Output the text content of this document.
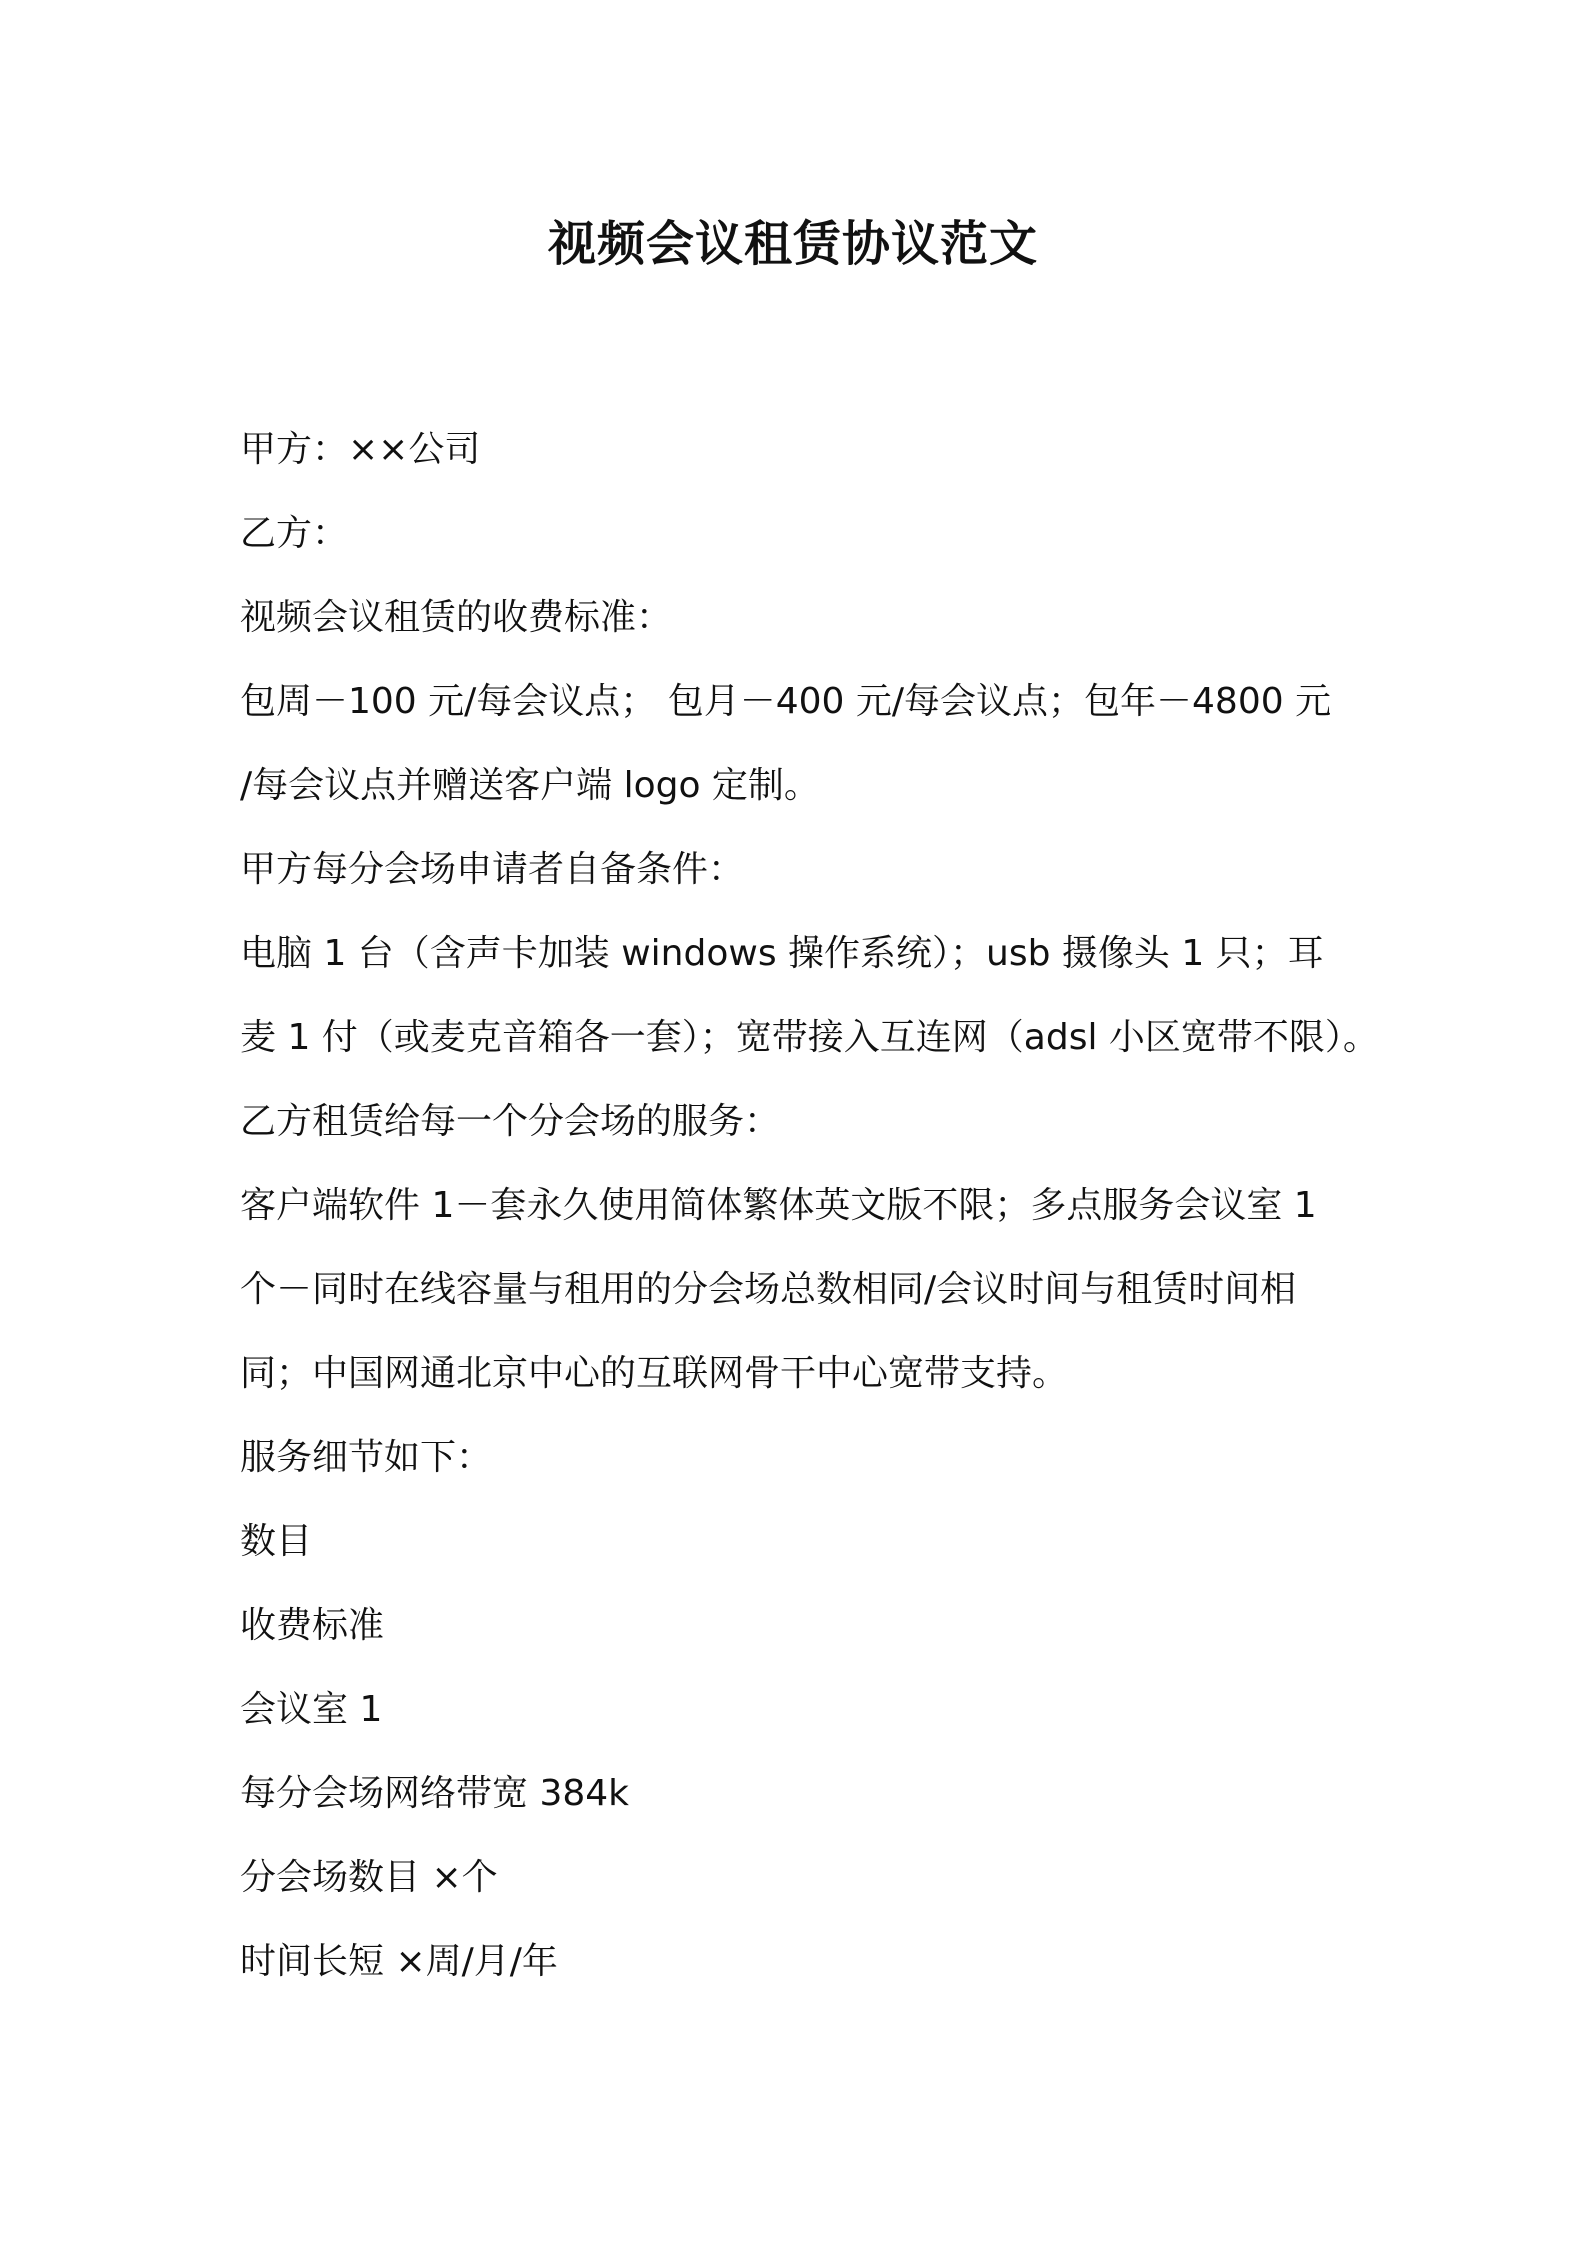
视频会议租赁协议范文

甲方：××公司

乙方：

视频会议租赁的收费标准：

包周－100 元/每会议点； 包月－400 元/每会议点；包年－4800 元

/每会议点并赠送客户端 logo 定制。

甲方每分会场申请者自备条件：

电脑 1 台（含声卡加装 windows 操作系统）；usb 摄像头 1 只；耳

麦 1 付（或麦克音箱各一套）；宽带接入互连网（adsl 小区宽带不限）。

乙方租赁给每一个分会场的服务：

客户端软件 1－套永久使用简体繁体英文版不限；多点服务会议室 1

个－同时在线容量与租用的分会场总数相同/会议时间与租赁时间相

同；中国网通北京中心的互联网骨干中心宽带支持。

服务细节如下：

数目

收费标准

会议室 1

每分会场网络带宽 384k

分会场数目 ×个

时间长短 ×周/月/年
